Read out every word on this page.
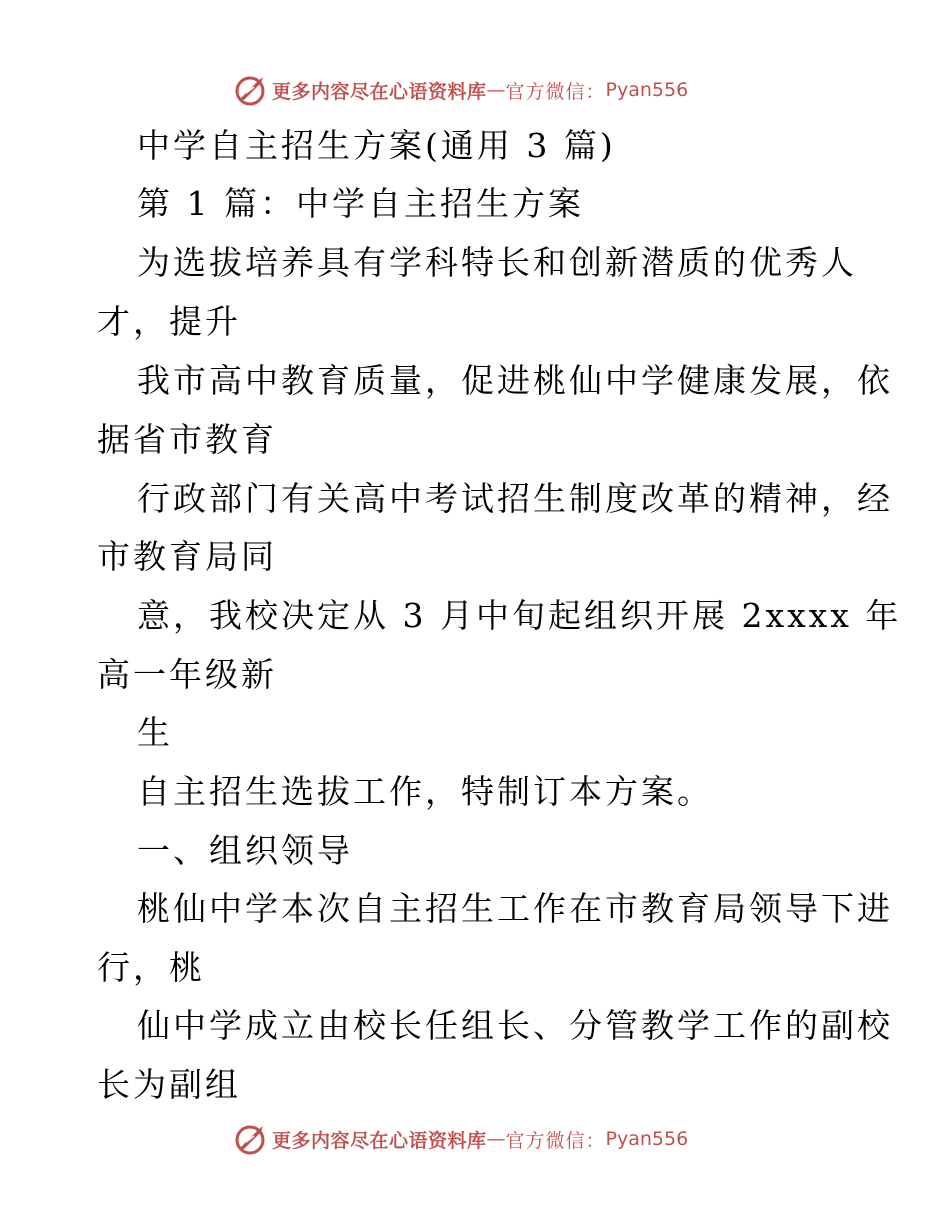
更多内容尽在心语资料库 — 官方微信： Pyan556
中学自主招生方案(通用 3 篇)
第 1 篇：中学自主招生方案
为选拔培养具有学科特长和创新潜质的优秀人
才，提升
我市高中教育质量，促进桃仙中学健康发展，依
据省市教育
行政部门有关高中考试招生制度改革的精神，经
市教育局同
意，我校决定从 3 月中旬起组织开展 2xxxx 年
高一年级新
生
自主招生选拔工作，特制订本方案。
一、组织领导
桃仙中学本次自主招生工作在市教育局领导下进
行，桃
仙中学成立由校长任组长、分管教学工作的副校
长为副组
更多内容尽在心语资料库 — 官方微信： Pyan556
